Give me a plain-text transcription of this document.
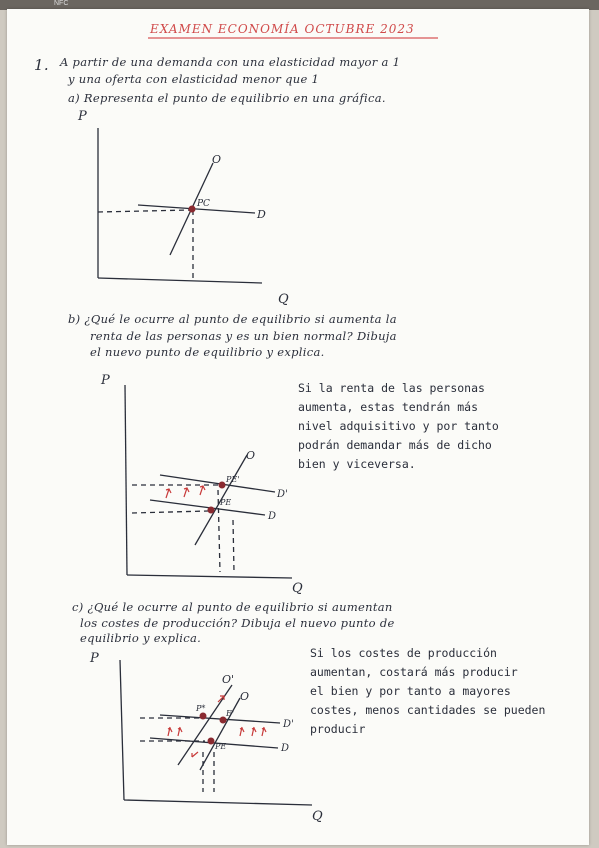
NFC
EXAMEN ECONOMÍA OCTUBRE 2023
1. A partir de una demanda con una elasticidad mayor a 1
y una oferta con elasticidad menor que 1
a) Representa el punto de equilibrio en una gráfica.
b) ¿Qué le ocurre al punto de equilibrio si aumenta la
renta de las personas y es un bien normal? Dibuja
el nuevo punto de equilibrio y explica.
Si la renta de las personas
aumenta, estas tendrán más
nivel adquisitivo y por tanto
podrán demandar más de dicho
bien y viceversa.
c) ¿Qué le ocurre al punto de equilibrio si aumentan
los costes de producción? Dibuja el nuevo punto de
equilibrio y explica.
Si los costes de producción
aumentan, costará más producir
el bien y por tanto a mayores
costes, menos cantidades se pueden
producir
P
Q
O
D
PC
P
Q
O
D'
D
PE'
PE
P
Q
O'
O
D'
D
P*
E'
PE
